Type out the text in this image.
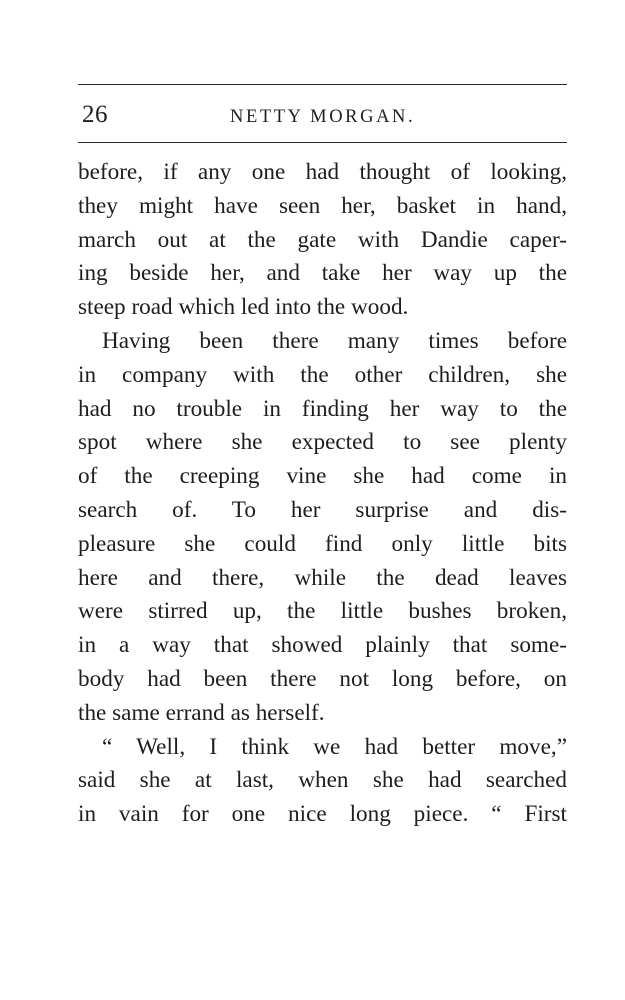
26	NETTY MORGAN.
before, if any one had thought of looking,
they might have seen her, basket in hand,
march out at the gate with Dandie caper-
ing beside her, and take her way up the
steep road which led into the wood.
Having been there many times before
in company with the other children, she
had no trouble in finding her way to the
spot where she expected to see plenty
of the creeping vine she had come in
search of. To her surprise and dis-
pleasure she could find only little bits
here and there, while the dead leaves
were stirred up, the little bushes broken,
in a way that showed plainly that some-
body had been there not long before, on
the same errand as herself.
“ Well, I think we had better move,”
said she at last, when she had searched
in vain for one nice long piece. “ First
